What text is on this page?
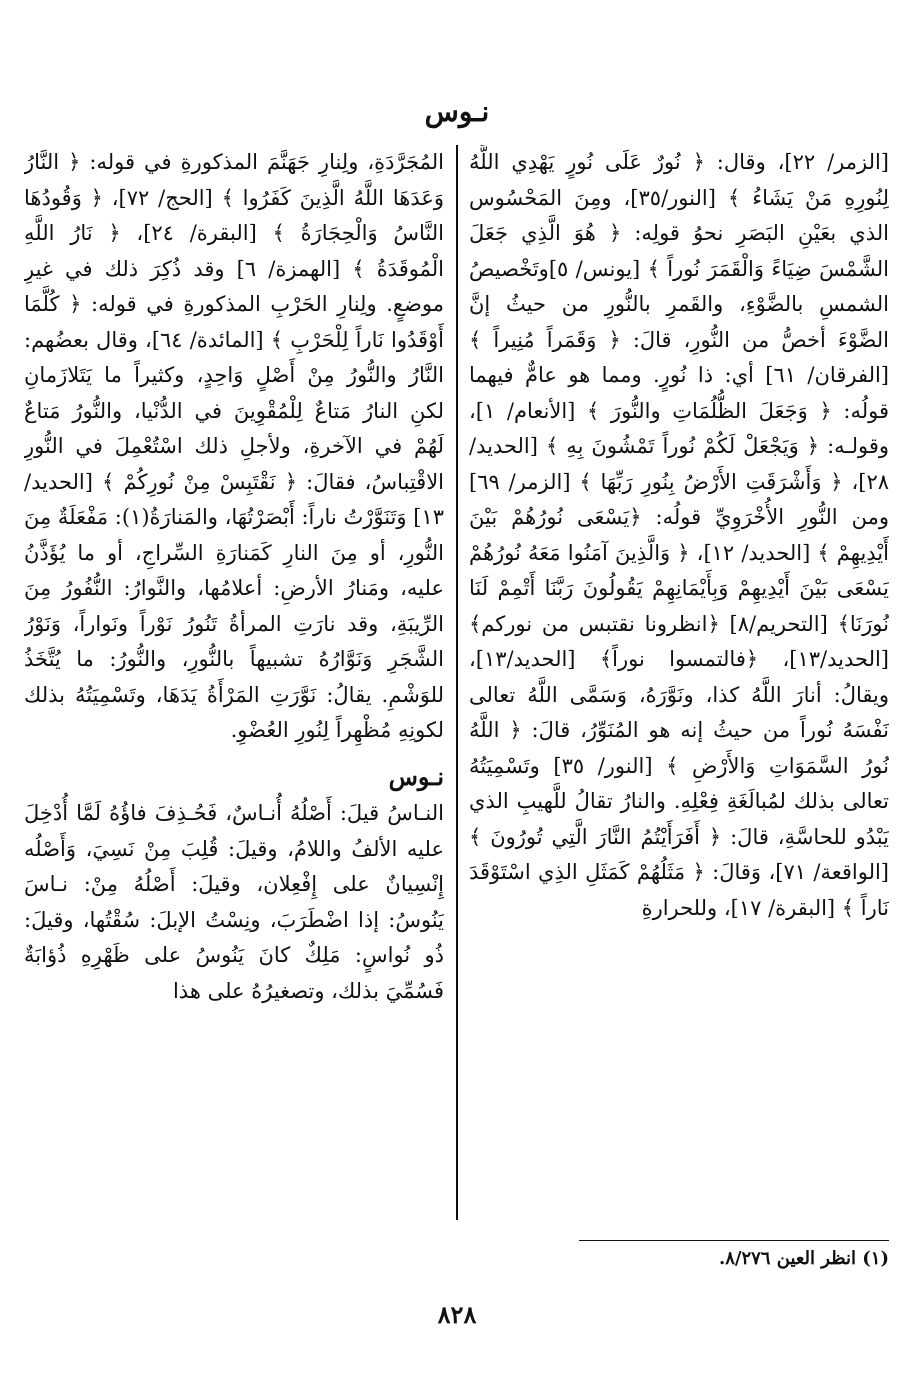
نـوس

[الزمر/ ٢٢]، وقال: ﴿ نُورٌ عَلَى نُورٍ يَهْدِي اللَّهُ لِنُورِهِ مَنْ يَشَاءُ ﴾ [النور/٣٥]، ومِنَ المَحْسُوس الذي بعَيْنِ البَصَرِ نحوُ قولِه: ﴿ هُوَ الَّذِي جَعَلَ الشَّمْسَ ضِيَاءً وَالْقَمَرَ نُوراً ﴾ [يونس/ ٥]وتَخْصيصُ الشمسِ بالضَّوْءِ، والقَمرِ بالنُّورِ من حيثُ إنَّ الضَّوْءَ أخصُّ من النُّورِ، قالَ: ﴿ وَقَمَراً مُنِيراً ﴾ [الفرقان/ ٦١] أي: ذا نُورٍ. ومما هو عامٌّ فيهما قولُه: ﴿ وَجَعَلَ الظُّلُمَاتِ والنُّورَ ﴾ [الأنعام/ ١]، وقولـه: ﴿ وَيَجْعَلْ لَكُمْ نُوراً تَمْشُونَ بِهِ ﴾ [الحديد/ ٢٨]، ﴿ وَأَشْرَقَتِ الأَرْضُ بِنُورِ رَبِّهَا ﴾ [الزمر/ ٦٩] ومن النُّورِ الأُخْرَوِيِّ قولُه: ﴿يَسْعَى نُورُهُمْ بَيْنَ أَيْدِيهِمْ ﴾ [الحديد/ ١٢]، ﴿ وَالَّذِينَ آمَنُوا مَعَهُ نُورُهُمْ يَسْعَى بَيْنَ أَيْدِيهِمْ وَبِأَيْمَانِهِمْ يَقُولُونَ رَبَّنَا أَتْمِمْ لَنَا نُورَنَا﴾ [التحريم/٨] ﴿انظرونا نقتبس من نوركم﴾ [الحديد/١٣]، ﴿فالتمسوا نوراً﴾ [الحديد/١٣]، ويقالُ: أنارَ اللَّهُ كذا، ونَوَّرَهُ، وَسَمَّى اللَّهُ تعالى نَفْسَهُ نُوراً من حيثُ إنه هو المُنَوِّرُ، قالَ: ﴿ اللَّهُ نُورُ السَّمَوَاتِ وَالأَرْضِ ﴾ [النور/ ٣٥] وتَسْمِيَتُهُ تعالى بذلك لمُبالَغَةِ فِعْلِهِ. والنارُ تقالُ للَّهيبِ الذي يَبْدُو للحاسَّةِ، قالَ: ﴿ أَفَرَأَيْتُمُ النَّارَ الَّتِي تُورُونَ ﴾ [الواقعة/ ٧١]، وَقالَ: ﴿ مَثَلُهُمْ كَمَثَلِ الذِي اسْتَوْقَدَ نَاراً ﴾ [البقرة/ ١٧]، وللحرارةِ

المُجَرَّدَةِ، ولِنارِ جَهَنَّمَ المذكورةِ في قوله: ﴿ النَّارُ وَعَدَهَا اللَّهُ الَّذِينَ كَفَرُوا ﴾ [الحج/ ٧٢]، ﴿ وَقُودُهَا النَّاسُ وَالْحِجَارَةُ ﴾ [البقرة/ ٢٤]، ﴿ نَارُ اللَّهِ الْمُوقَدَةُ ﴾ [الهمزة/ ٦] وقد ذُكِرَ ذلك في غيرِ موضعٍ. ولِنارِ الحَرْبِ المذكورةِ في قوله: ﴿ كُلَّمَا أَوْقَدُوا نَاراً لِلْحَرْبِ ﴾ [المائدة/ ٦٤]، وقال بعضُهم: النَّارُ والنُّورُ مِنْ أَصْلٍ وَاحِدٍ، وكثيراً ما يَتَلازَمانِ لكنِ النارُ مَتاعٌ لِلْمُقْوِينَ في الدُّنْيا، والنُّورُ مَتاعٌ لَهُمْ في الآخرةِ، ولأجلِ ذلك اسْتُعْمِلَ في النُّورِ الاقْتِباسُ، فقالَ: ﴿ نَقْتَبِسْ مِنْ نُورِكُمْ ﴾ [الحديد/ ١٣] وَتَنَوَّرْتُ ناراً: أَبْصَرْتُهَا، والمَنارَةُ(١): مَفْعَلَةٌ مِنَ النُّورِ، أو مِنَ النارِ كَمَنارَةِ السِّراجِ، أو ما يُؤَذَّنُ عليه، ومَنارُ الأرضِ: أعلامُها، والنَّوارُ: النُّفُورُ مِنَ الرِّيبَةِ، وقد نارَتِ المرأةُ تَنُورُ نَوْراً ونَواراً، وَنَوْرُ الشَّجَرِ وَنَوَّارُهُ تشبيهاً بالنُّورِ، والنُّورُ: ما يُتَّخَذُ للوَشْمِ. يقالُ: نَوَّرَتِ المَرْأَةُ يَدَهَا، وتَسْمِيَتُهُ بذلك لكونِهِ مُظْهِراً لِنُورِ العُضْوِ.

نـوس

النـاسُ قيلَ: أَصْلُهُ أُنـاسٌ، فَحُـذِفَ فاؤُهُ لَمَّا أُدْخِلَ عليه الألفُ واللامُ، وقيلَ: قُلِبَ مِنْ نَسِيَ، وَأَصْلُه إِنْسِيانٌ على إِفْعِلان، وقيلَ: أَصْلُهُ مِنْ: نـاسَ يَنُوسُ: إذا اضْطَرَبَ، ونِسْتُ الإبلَ: سُقْتُها، وقيلَ: ذُو نُواسٍ: مَلِكٌ كانَ يَنُوسُ على ظَهْرِهِ ذُؤابَةٌ فَسُمِّيَ بذلك، وتصغيرُهُ على هذا

(١) انظر العين ٨/٢٧٦.
٨٢٨
